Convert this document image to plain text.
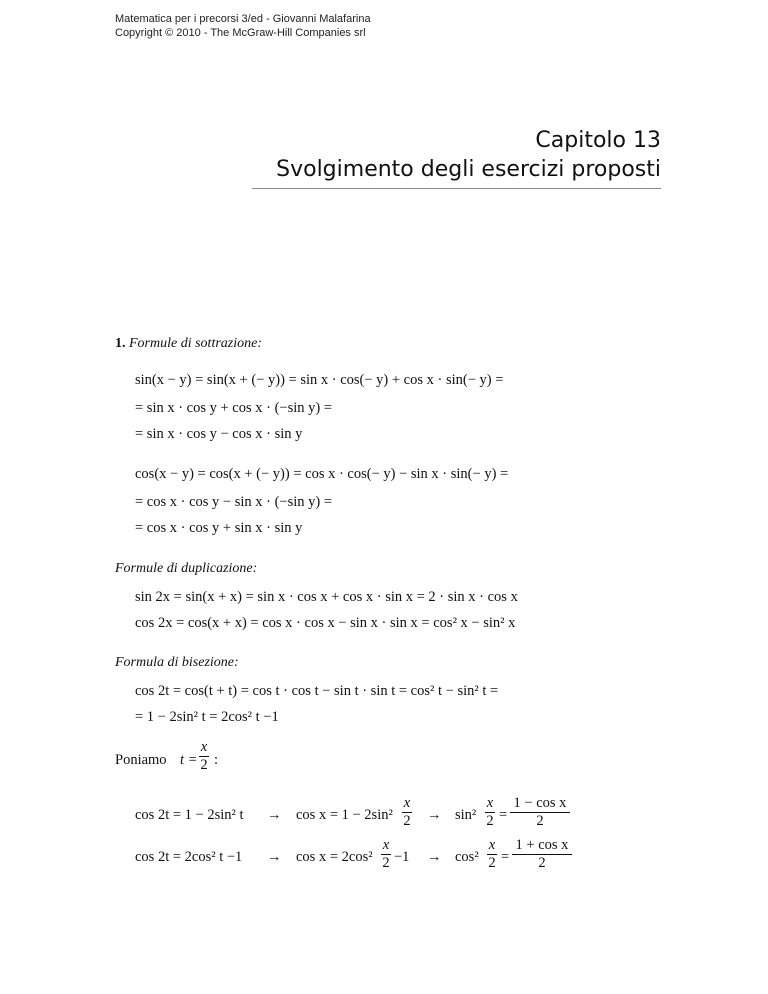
Matematica per i precorsi 3/ed - Giovanni Malafarina
Copyright © 2010 - The McGraw-Hill Companies srl
Capitolo 13
Svolgimento degli esercizi proposti
1. Formule di sottrazione:
sin(x − y) = sin(x + (− y)) = sin x · cos(− y) + cos x · sin(− y) =
= sin x · cos y + cos x · (−sin y) =
= sin x · cos y − cos x · sin y
cos(x − y) = cos(x + (− y)) = cos x · cos(− y) − sin x · sin(− y) =
= cos x · cos y − sin x · (−sin y) =
= cos x · cos y + sin x · sin y
Formule di duplicazione:
sin 2x = sin(x + x) = sin x · cos x + cos x · sin x = 2 · sin x · cos x
cos 2x = cos(x + x) = cos x · cos x − sin x · sin x = cos² x − sin² x
Formula di bisezione:
cos 2t = cos(t + t) = cos t · cos t − sin t · sin t = cos² t − sin² t =
= 1 − 2sin² t = 2cos² t −1
Poniamo t =
x
2 :
cos 2t = 1 − 2sin² t → cos x = 1 − 2sin²
x
2 → sin²
x
2 =
1 − cos x
2
cos 2t = 2cos² t −1 → cos x = 2cos²
x
2 −1 → cos²
x
2 =
1 + cos x
2
